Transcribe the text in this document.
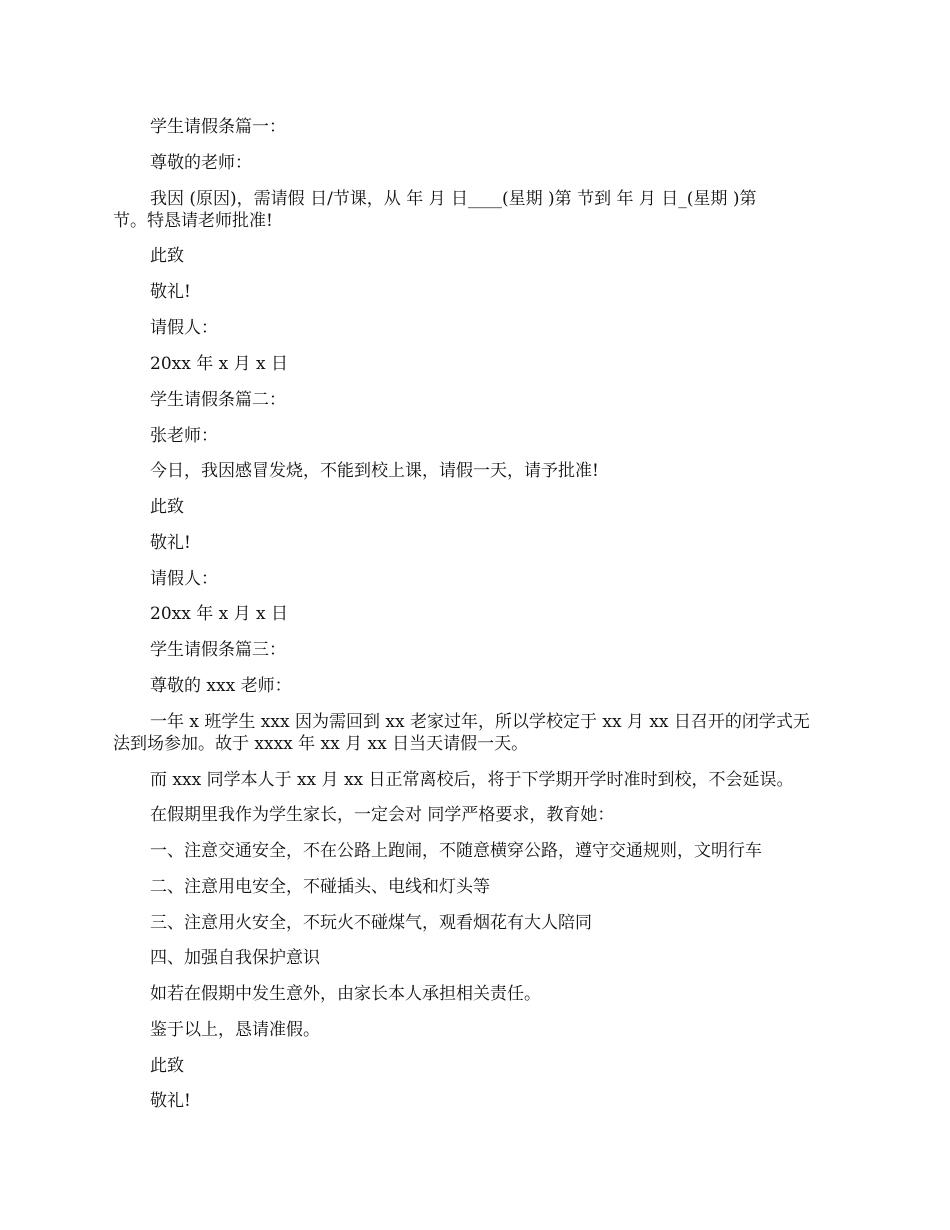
学生请假条篇一：
尊敬的老师：
我因 (原因)，需请假 日/节课，从 年 月 日____(星期 )第 节到 年 月 日_(星期 )第
节。特恳请老师批准!
此致
敬礼!
请假人：
20xx 年 x 月 x 日
学生请假条篇二：
张老师：
今日，我因感冒发烧，不能到校上课，请假一天，请予批准!
此致
敬礼!
请假人：
20xx 年 x 月 x 日
学生请假条篇三：
尊敬的 xxx 老师：
一年 x 班学生 xxx 因为需回到 xx 老家过年，所以学校定于 xx 月 xx 日召开的闭学式无
法到场参加。故于 xxxx 年 xx 月 xx 日当天请假一天。
而 xxx 同学本人于 xx 月 xx 日正常离校后，将于下学期开学时准时到校，不会延误。
在假期里我作为学生家长，一定会对 同学严格要求，教育她：
一、注意交通安全，不在公路上跑闹，不随意横穿公路，遵守交通规则，文明行车
二、注意用电安全，不碰插头、电线和灯头等
三、注意用火安全，不玩火不碰煤气，观看烟花有大人陪同
四、加强自我保护意识
如若在假期中发生意外，由家长本人承担相关责任。
鉴于以上，恳请准假。
此致
敬礼!
